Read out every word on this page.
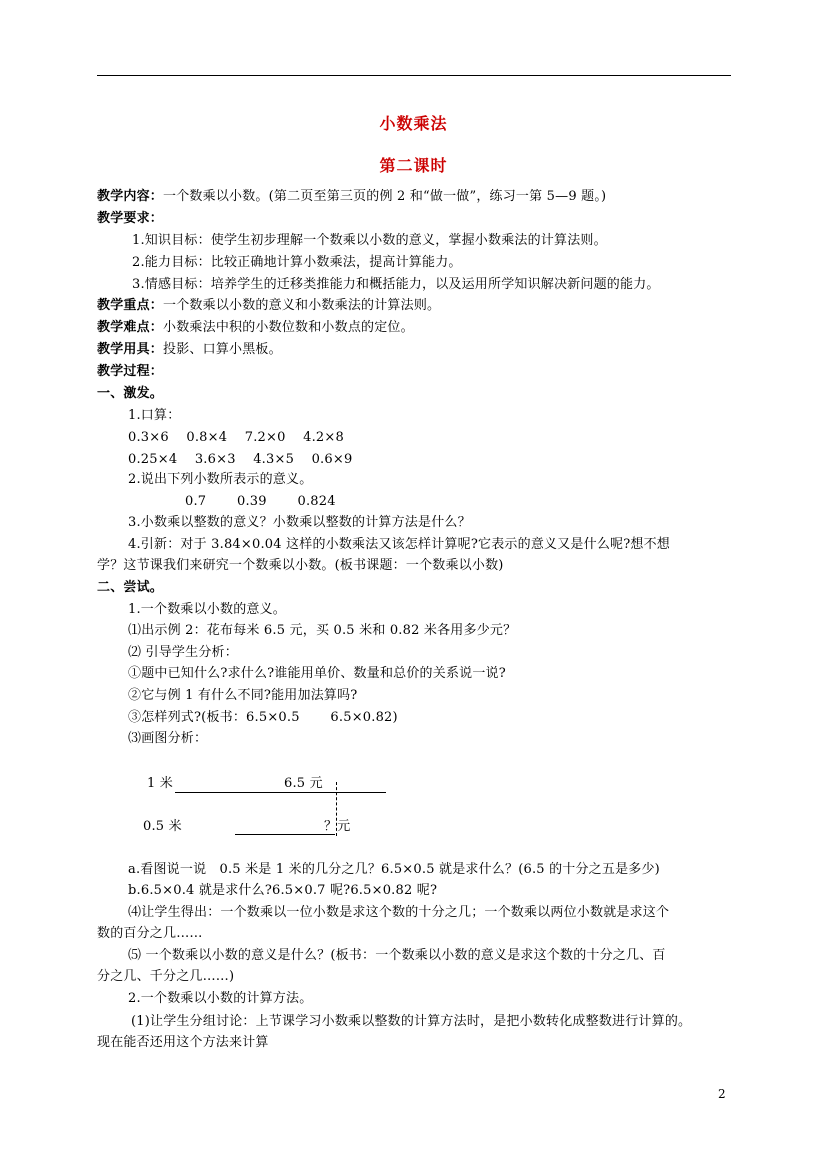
小数乘法
第二课时
教学内容：一个数乘以小数。(第二页至第三页的例 2 和“做一做”，练习一第 5—9 题。)
教学要求：
1.知识目标：使学生初步理解一个数乘以小数的意义，掌握小数乘法的计算法则。
2.能力目标：比较正确地计算小数乘法，提高计算能力。
3.情感目标：培养学生的迁移类推能力和概括能力，以及运用所学知识解决新问题的能力。
教学重点：一个数乘以小数的意义和小数乘法的计算法则。
教学难点：小数乘法中积的小数位数和小数点的定位。
教学用具：投影、口算小黑板。
教学过程：
一、激发。
1.口算：
0.3×6　 0.8×4　 7.2×0　 4.2×8
0.25×4　 3.6×3　 4.3×5　 0.6×9
2.说出下列小数所表示的意义。
0.7　　 0.39　　 0.824
3.小数乘以整数的意义？小数乘以整数的计算方法是什么？
4.引新：对于 3.84×0.04 这样的小数乘法又该怎样计算呢?它表示的意义又是什么呢?想不想
学？这节课我们来研究一个数乘以小数。(板书课题：一个数乘以小数)
二、尝试。
1.一个数乘以小数的意义。
⑴出示例 2：花布每米 6.5 元，买 0.5 米和 0.82 米各用多少元？
⑵ 引导学生分析：
①题中已知什么?求什么?谁能用单价、数量和总价的关系说一说?
②它与例 1 有什么不同?能用加法算吗?
③怎样列式?(板书：6.5×0.5　　 6.5×0.82)
⑶画图分析：
1 米	6.5 元
0.5 米	？元
a.看图说一说　0.5 米是 1 米的几分之几？6.5×0.5 就是求什么？(6.5 的十分之五是多少)
b.6.5×0.4 就是求什么?6.5×0.7 呢?6.5×0.82 呢?
⑷让学生得出：一个数乘以一位小数是求这个数的十分之几；一个数乘以两位小数就是求这个
数的百分之几……
⑸ 一个数乘以小数的意义是什么？(板书：一个数乘以小数的意义是求这个数的十分之几、百
分之几、千分之几……)
2.一个数乘以小数的计算方法。
(1)让学生分组讨论：上节课学习小数乘以整数的计算方法时，是把小数转化成整数进行计算的。
现在能否还用这个方法来计算
2
